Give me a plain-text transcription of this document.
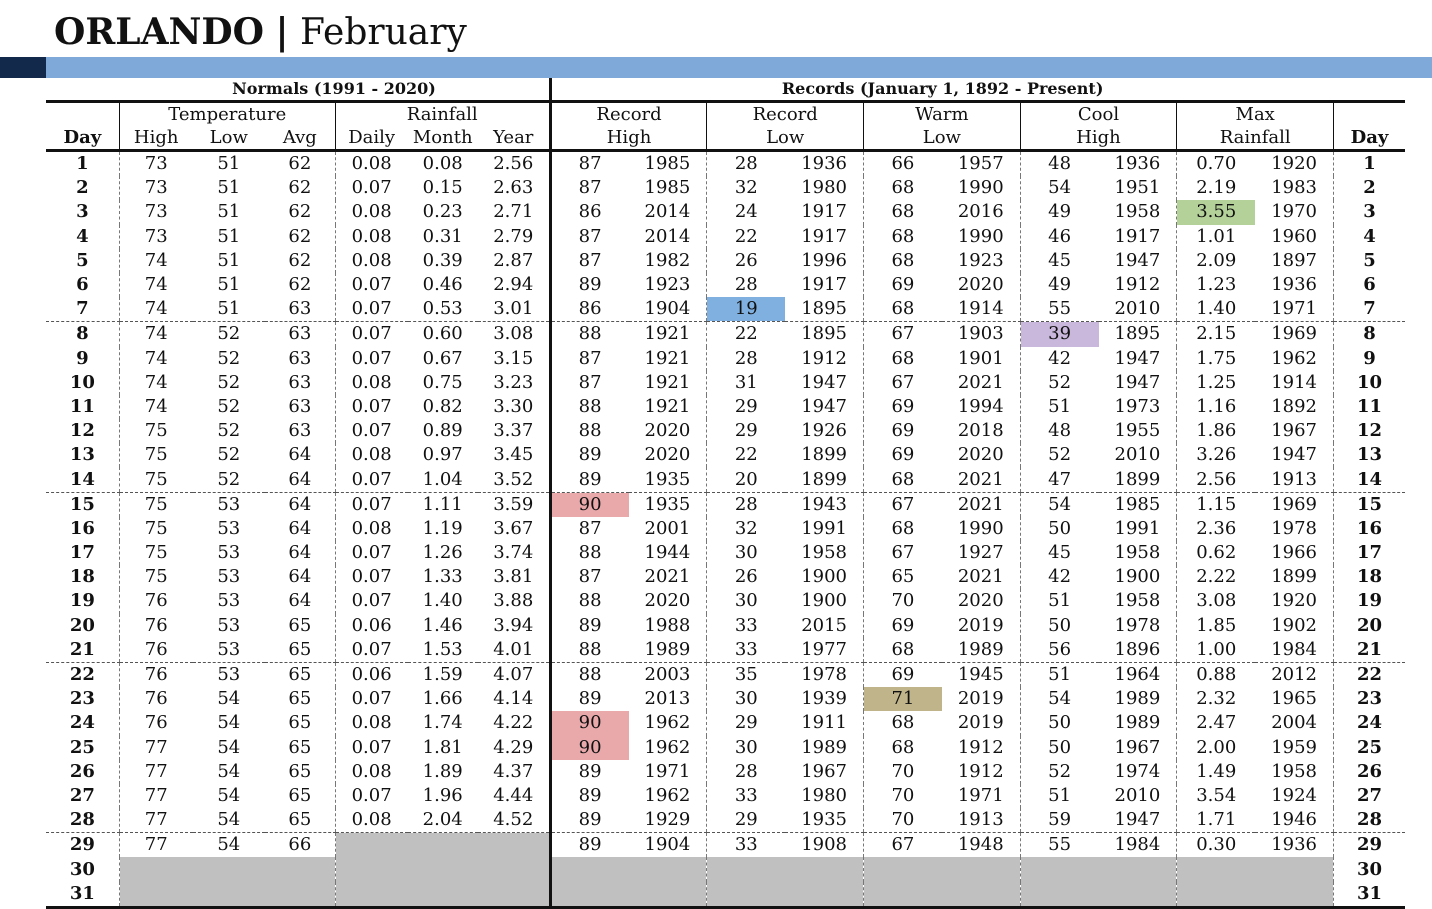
ORLANDO | February
	Normals (1991 - 2020)						Records (January 1, 1892 - Present)										
	Temperature			Rainfall			Record		Record		Warm		Cool		Max		
Day	High	Low	Avg	Daily	Month	Year	High		Low		Low		High		Rainfall		Day
1	73	51	62	0.08	0.08	2.56	87	1985	28	1936	66	1957	48	1936	0.70	1920	1
2	73	51	62	0.07	0.15	2.63	87	1985	32	1980	68	1990	54	1951	2.19	1983	2
3	73	51	62	0.08	0.23	2.71	86	2014	24	1917	68	2016	49	1958	3.55	1970	3
4	73	51	62	0.08	0.31	2.79	87	2014	22	1917	68	1990	46	1917	1.01	1960	4
5	74	51	62	0.08	0.39	2.87	87	1982	26	1996	68	1923	45	1947	2.09	1897	5
6	74	51	62	0.07	0.46	2.94	89	1923	28	1917	69	2020	49	1912	1.23	1936	6
7	74	51	63	0.07	0.53	3.01	86	1904	19	1895	68	1914	55	2010	1.40	1971	7
8	74	52	63	0.07	0.60	3.08	88	1921	22	1895	67	1903	39	1895	2.15	1969	8
9	74	52	63	0.07	0.67	3.15	87	1921	28	1912	68	1901	42	1947	1.75	1962	9
10	74	52	63	0.08	0.75	3.23	87	1921	31	1947	67	2021	52	1947	1.25	1914	10
11	74	52	63	0.07	0.82	3.30	88	1921	29	1947	69	1994	51	1973	1.16	1892	11
12	75	52	63	0.07	0.89	3.37	88	2020	29	1926	69	2018	48	1955	1.86	1967	12
13	75	52	64	0.08	0.97	3.45	89	2020	22	1899	69	2020	52	2010	3.26	1947	13
14	75	52	64	0.07	1.04	3.52	89	1935	20	1899	68	2021	47	1899	2.56	1913	14
15	75	53	64	0.07	1.11	3.59	90	1935	28	1943	67	2021	54	1985	1.15	1969	15
16	75	53	64	0.08	1.19	3.67	87	2001	32	1991	68	1990	50	1991	2.36	1978	16
17	75	53	64	0.07	1.26	3.74	88	1944	30	1958	67	1927	45	1958	0.62	1966	17
18	75	53	64	0.07	1.33	3.81	87	2021	26	1900	65	2021	42	1900	2.22	1899	18
19	76	53	64	0.07	1.40	3.88	88	2020	30	1900	70	2020	51	1958	3.08	1920	19
20	76	53	65	0.06	1.46	3.94	89	1988	33	2015	69	2019	50	1978	1.85	1902	20
21	76	53	65	0.07	1.53	4.01	88	1989	33	1977	68	1989	56	1896	1.00	1984	21
22	76	53	65	0.06	1.59	4.07	88	2003	35	1978	69	1945	51	1964	0.88	2012	22
23	76	54	65	0.07	1.66	4.14	89	2013	30	1939	71	2019	54	1989	2.32	1965	23
24	76	54	65	0.08	1.74	4.22	90	1962	29	1911	68	2019	50	1989	2.47	2004	24
25	77	54	65	0.07	1.81	4.29	90	1962	30	1989	68	1912	50	1967	2.00	1959	25
26	77	54	65	0.08	1.89	4.37	89	1971	28	1967	70	1912	52	1974	1.49	1958	26
27	77	54	65	0.07	1.96	4.44	89	1962	33	1980	70	1971	51	2010	3.54	1924	27
28	77	54	65	0.08	2.04	4.52	89	1929	29	1935	70	1913	59	1947	1.71	1946	28
29	77	54	66				89	1904	33	1908	67	1948	55	1984	0.30	1936	29
30																	30
31																	31
